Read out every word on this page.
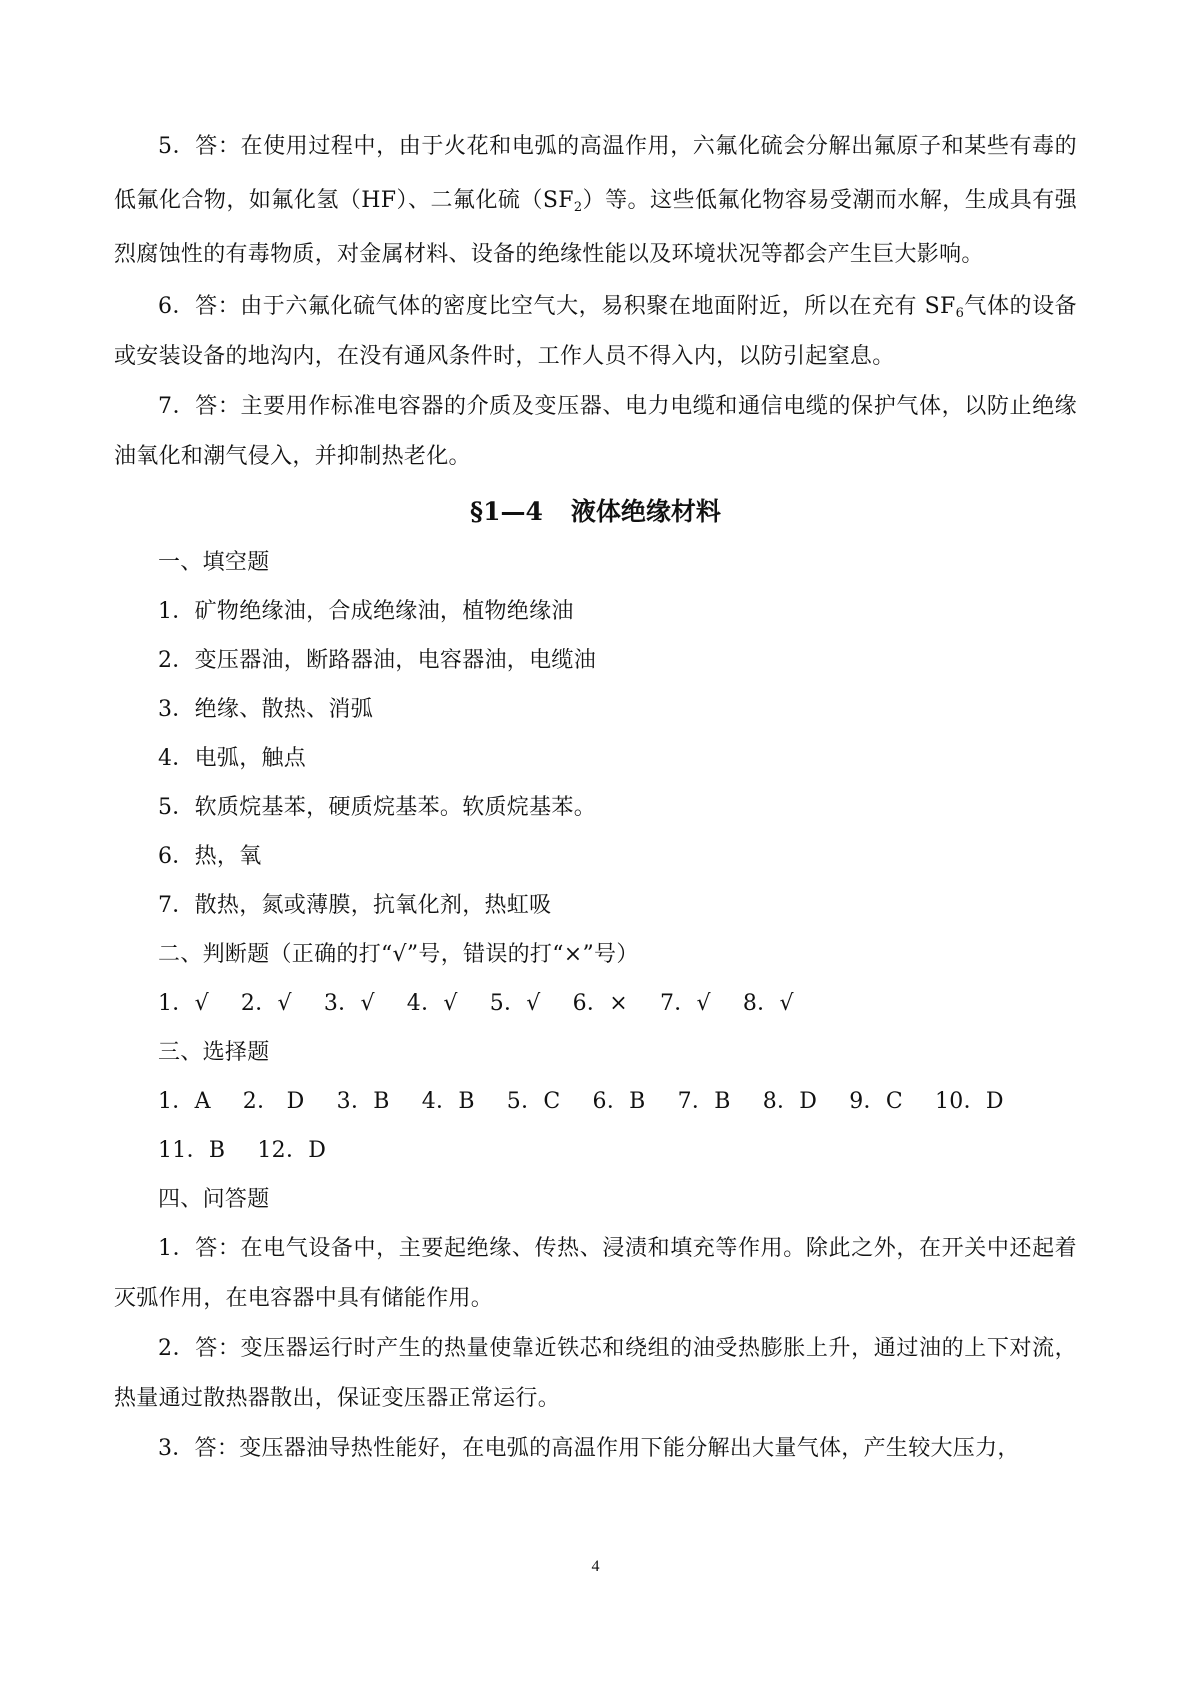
5．答：在使用过程中，由于火花和电弧的高温作用，六氟化硫会分解出氟原子和某些有毒的低氟化合物，如氟化氢（HF）、二氟化硫$(SF_2)$等。这些低氟化物容易受潮而水解，生成具有强烈腐蚀性的有毒物质，对金属材料、设备的绝缘性能以及环境状况等都会产生巨大影响。

6．答：由于六氟化硫气体的密度比空气大，易积聚在地面附近，所以在充有 $SF_6$气体的设备或安装设备的地沟内，在没有通风条件时，工作人员不得入内，以防引起窒息。

7．答：主要用作标准电容器的介质及变压器、电力电缆和通信电缆的保护气体，以防止绝缘油氧化和潮气侵入，并抑制热老化。

§1—4 液体绝缘材料

一、填空题

1．矿物绝缘油，合成绝缘油，植物绝缘油

2．变压器油，断路器油，电容器油，电缆油

3．绝缘、散热、消弧

4．电弧，触点

5．软质烷基苯，硬质烷基苯。软质烷基苯。

6．热，氧

7．散热，氮或薄膜，抗氧化剂，热虹吸

二、判断题（正确的打“√”号，错误的打“×”号）

1．√ 2．√ 3．√ 4．√ 5．√ 6．× 7．√ 8．√

三、选择题

1．A 2． D 3．B 4．B 5．C 6．B 7．B 8．D 9．C 10．D

11．B 12．D

四、问答题

1．答：在电气设备中，主要起绝缘、传热、浸渍和填充等作用。除此之外，在开关中还起着灭弧作用，在电容器中具有储能作用。

2．答：变压器运行时产生的热量使靠近铁芯和绕组的油受热膨胀上升，通过油的上下对流，热量通过散热器散出，保证变压器正常运行。

3．答：变压器油导热性能好，在电弧的高温作用下能分解出大量气体，产生较大压力，

4
